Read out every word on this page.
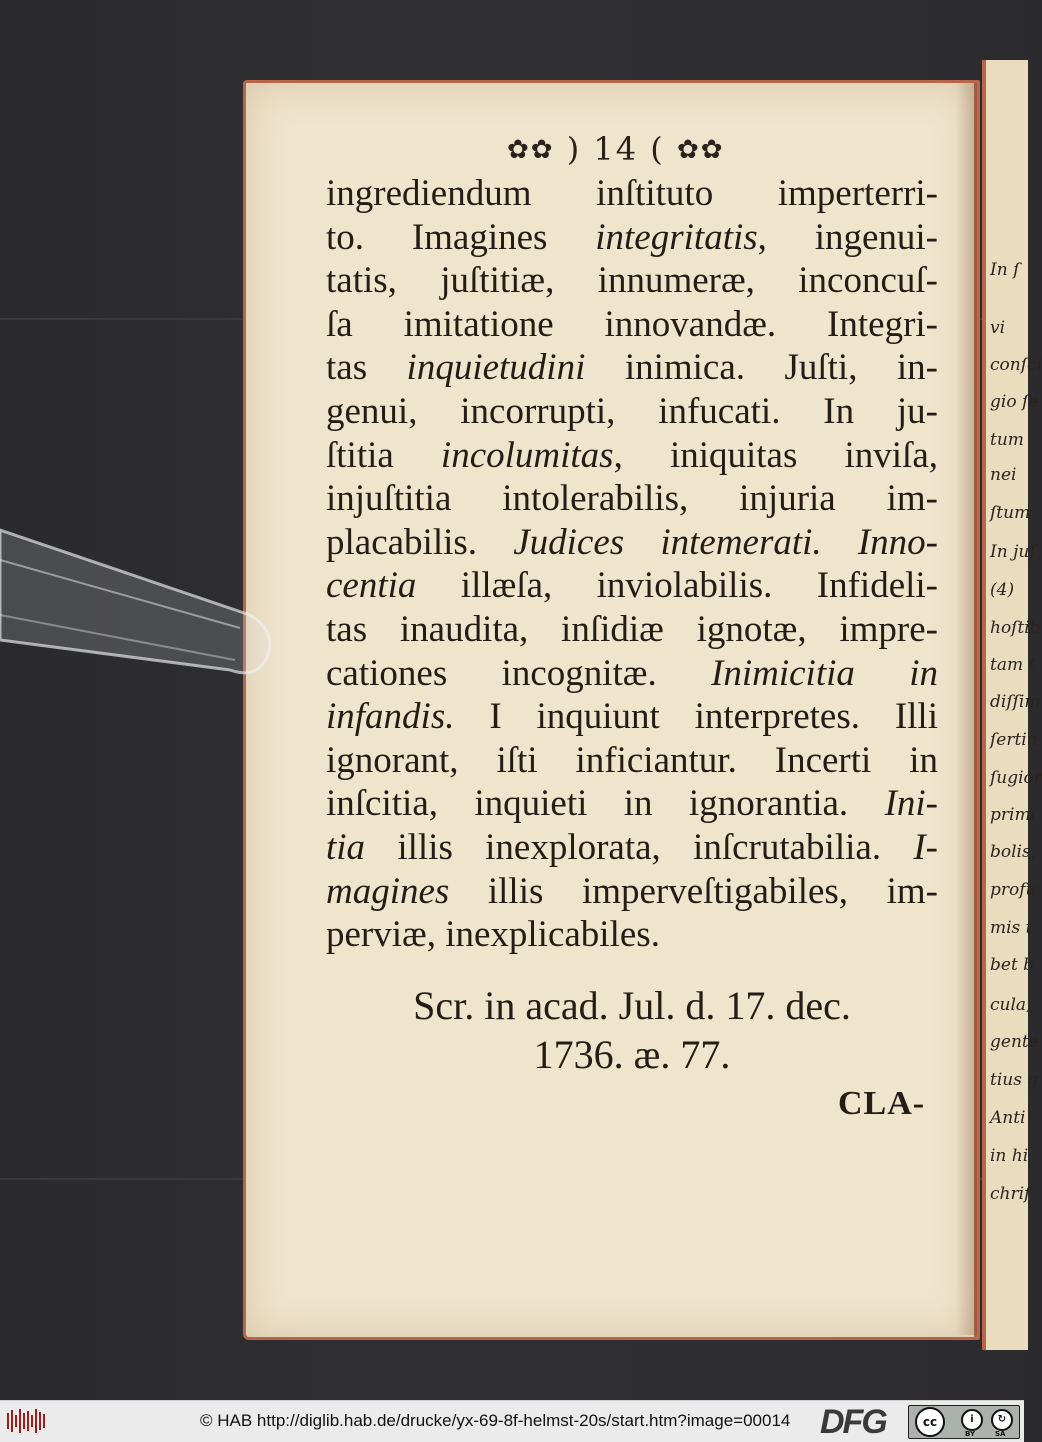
In ſ
vi
conſci
gio ſe
tum
nei
ſtum
In juſ
(4)
hoſtib
tam t
diſſim
ſertin
ſugior
primi
bolis,
profu
mis t
bet b
cula,
gente
tius g
Anti
in hi
chriſ
✿✿ ) 14 ( ✿✿
ingrediendum inſtituto imperterri-
to. Imagines integritatis, ingenui-
tatis, juſtitiæ, innumeræ, inconcuſ-
ſa imitatione innovandæ. Integri-
tas inquietudini inimica. Juſti, in-
genui, incorrupti, infucati. In ju-
ſtitia incolumitas, iniquitas inviſa,
injuſtitia intolerabilis, injuria im-
placabilis. Judices intemerati. Inno-
centia illæſa, inviolabilis. Infideli-
tas inaudita, inſidiæ ignotæ, impre-
cationes incognitæ. Inimicitia in
infandis. I inquiunt interpretes. Illi
ignorant, iſti inficiantur. Incerti in
inſcitia, inquieti in ignorantia. Ini-
tia illis inexplorata, inſcrutabilia. I-
magines illis imperveſtigabiles, im-
perviæ, inexplicabiles.
Scr. in acad. Jul. d. 17. dec.
1736. æ. 77.
CLA-
© HAB http://diglib.hab.de/drucke/yx-69-8f-helmst-20s/start.htm?image=00014 DFG	cc	i	↻
BY	SA
